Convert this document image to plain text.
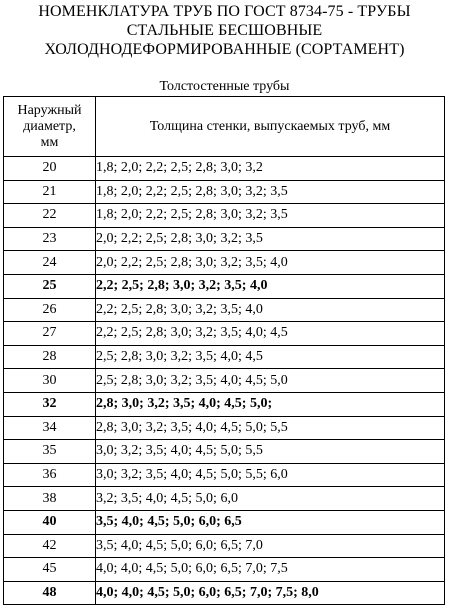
НОМЕНКЛАТУРА ТРУБ ПО ГОСТ 8734-75 - ТРУБЫ
СТАЛЬНЫЕ БЕСШОВНЫЕ
ХОЛОДНОДЕФОРМИРОВАННЫЕ (СОРТАМЕНТ)
Толстостенные трубы
Наружный
диаметр,
мм	Толщина стенки, выпускаемых труб, мм
20	1,8; 2,0; 2,2; 2,5; 2,8; 3,0; 3,2
21	1,8; 2,0; 2,2; 2,5; 2,8; 3,0; 3,2; 3,5
22	1,8; 2,0; 2,2; 2,5; 2,8; 3,0; 3,2; 3,5
23	2,0; 2,2; 2,5; 2,8; 3,0; 3,2; 3,5
24	2,0; 2,2; 2,5; 2,8; 3,0; 3,2; 3,5; 4,0
25	2,2; 2,5; 2,8; 3,0; 3,2; 3,5; 4,0
26	2,2; 2,5; 2,8; 3,0; 3,2; 3,5; 4,0
27	2,2; 2,5; 2,8; 3,0; 3,2; 3,5; 4,0; 4,5
28	2,5; 2,8; 3,0; 3,2; 3,5; 4,0; 4,5
30	2,5; 2,8; 3,0; 3,2; 3,5; 4,0; 4,5; 5,0
32	2,8; 3,0; 3,2; 3,5; 4,0; 4,5; 5,0;
34	2,8; 3,0; 3,2; 3,5; 4,0; 4,5; 5,0; 5,5
35	3,0; 3,2; 3,5; 4,0; 4,5; 5,0; 5,5
36	3,0; 3,2; 3,5; 4,0; 4,5; 5,0; 5,5; 6,0
38	3,2; 3,5; 4,0; 4,5; 5,0; 6,0
40	3,5; 4,0; 4,5; 5,0; 6,0; 6,5
42	3,5; 4,0; 4,5; 5,0; 6,0; 6,5; 7,0
45	4,0; 4,0; 4,5; 5,0; 6,0; 6,5; 7,0; 7,5
48	4,0; 4,0; 4,5; 5,0; 6,0; 6,5; 7,0; 7,5; 8,0
